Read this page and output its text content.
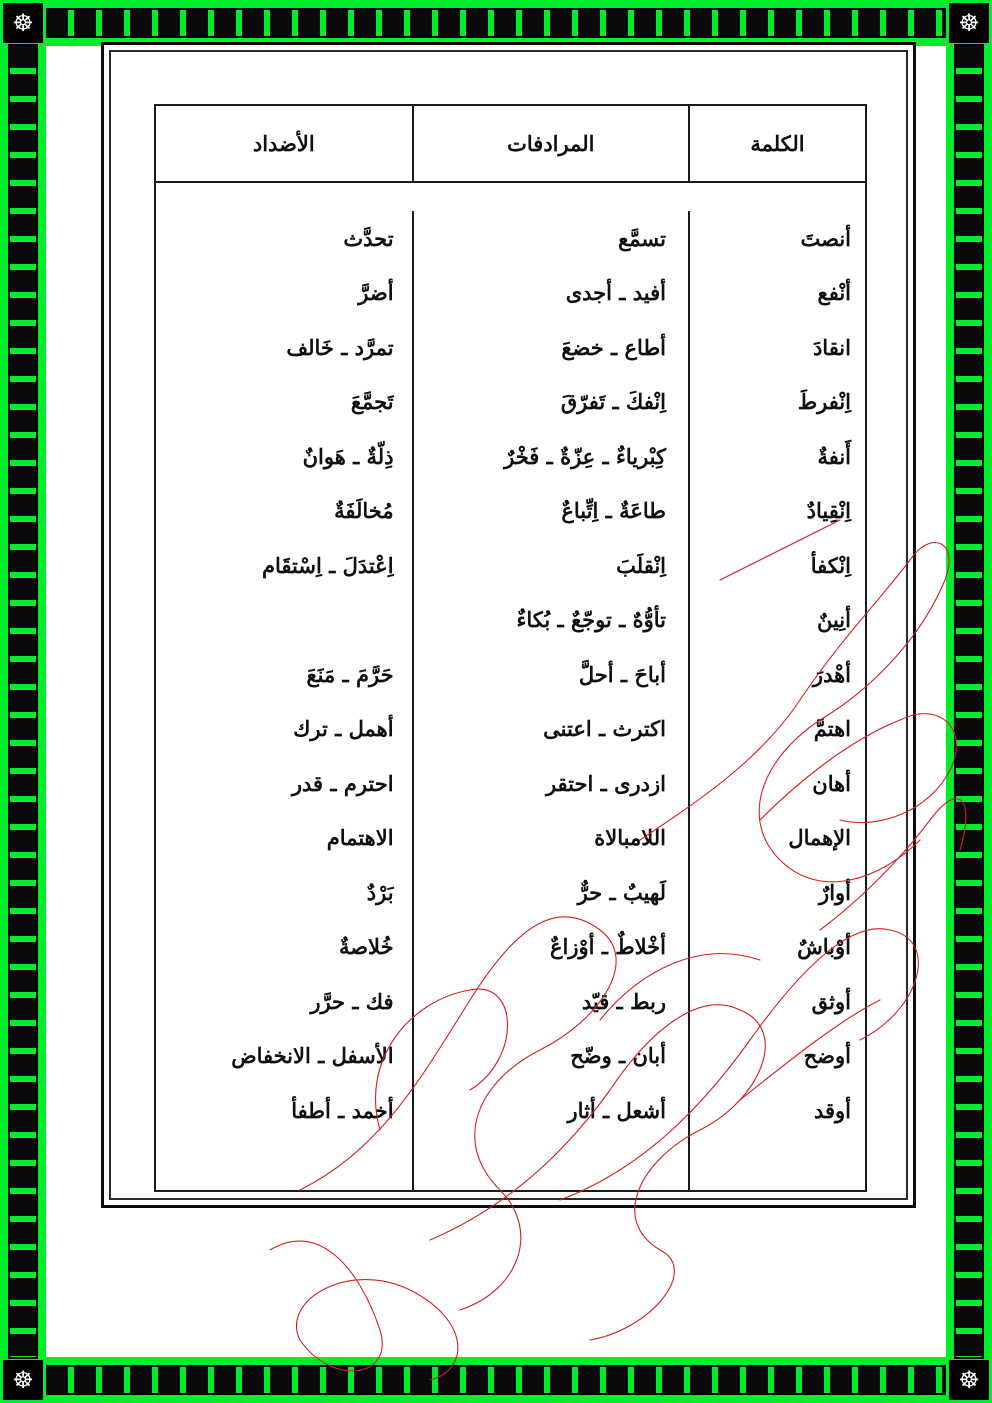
☸	☸
☸	☸
الكلمة
المرادفات
الأضداد
أنصتَ
أنْفع
انقادَ
اِنْفرطَ
أَنفةٌ
اِنْقِيادٌ
اِنْكفأ
أنِينٌ
أهْدرَ
اهتمَّ
أهان
الإهمال
أوارٌ
أوْباشٌ
أوثق
أوضح
أوقد
تسمَّع
أفيد ـ أجدى
أطاع ـ خضعَ
اِنْفكَ ـ تَفرّقَ
كِبْرياءٌ ـ عِزّةٌ ـ فَخْرٌ
طاعَةٌ ـ اِتِّباعٌ
اِنْقلَبَ
تأوُّهٌ ـ توجّعٌ ـ بُكاءٌ
أباحَ ـ أحلَّ
اكترث ـ اعتنى
ازدرى ـ احتقر
اللامبالاة
لَهيبٌ ـ حرٌّ
أخْلاطٌ ـ أوْزاعٌ
ربط ـ قيّد
أبان ـ وضّح
أشعل ـ أثار
تحدَّث
أضرَّ
تمرَّد ـ خَالف
تَجمَّعَ
ذِلّةٌ ـ هَوانٌ
مُخالَفَةٌ
اِعْتدَلَ ـ اِسْتقَام
حَرَّمَ ـ مَنَعَ
أهمل ـ ترك
احترم ـ قدر
الاهتمام
بَرْدٌ
خُلاصةٌ
فك ـ حرَّر
الأسفل ـ الانخفاض
أخمد ـ أطفأ
